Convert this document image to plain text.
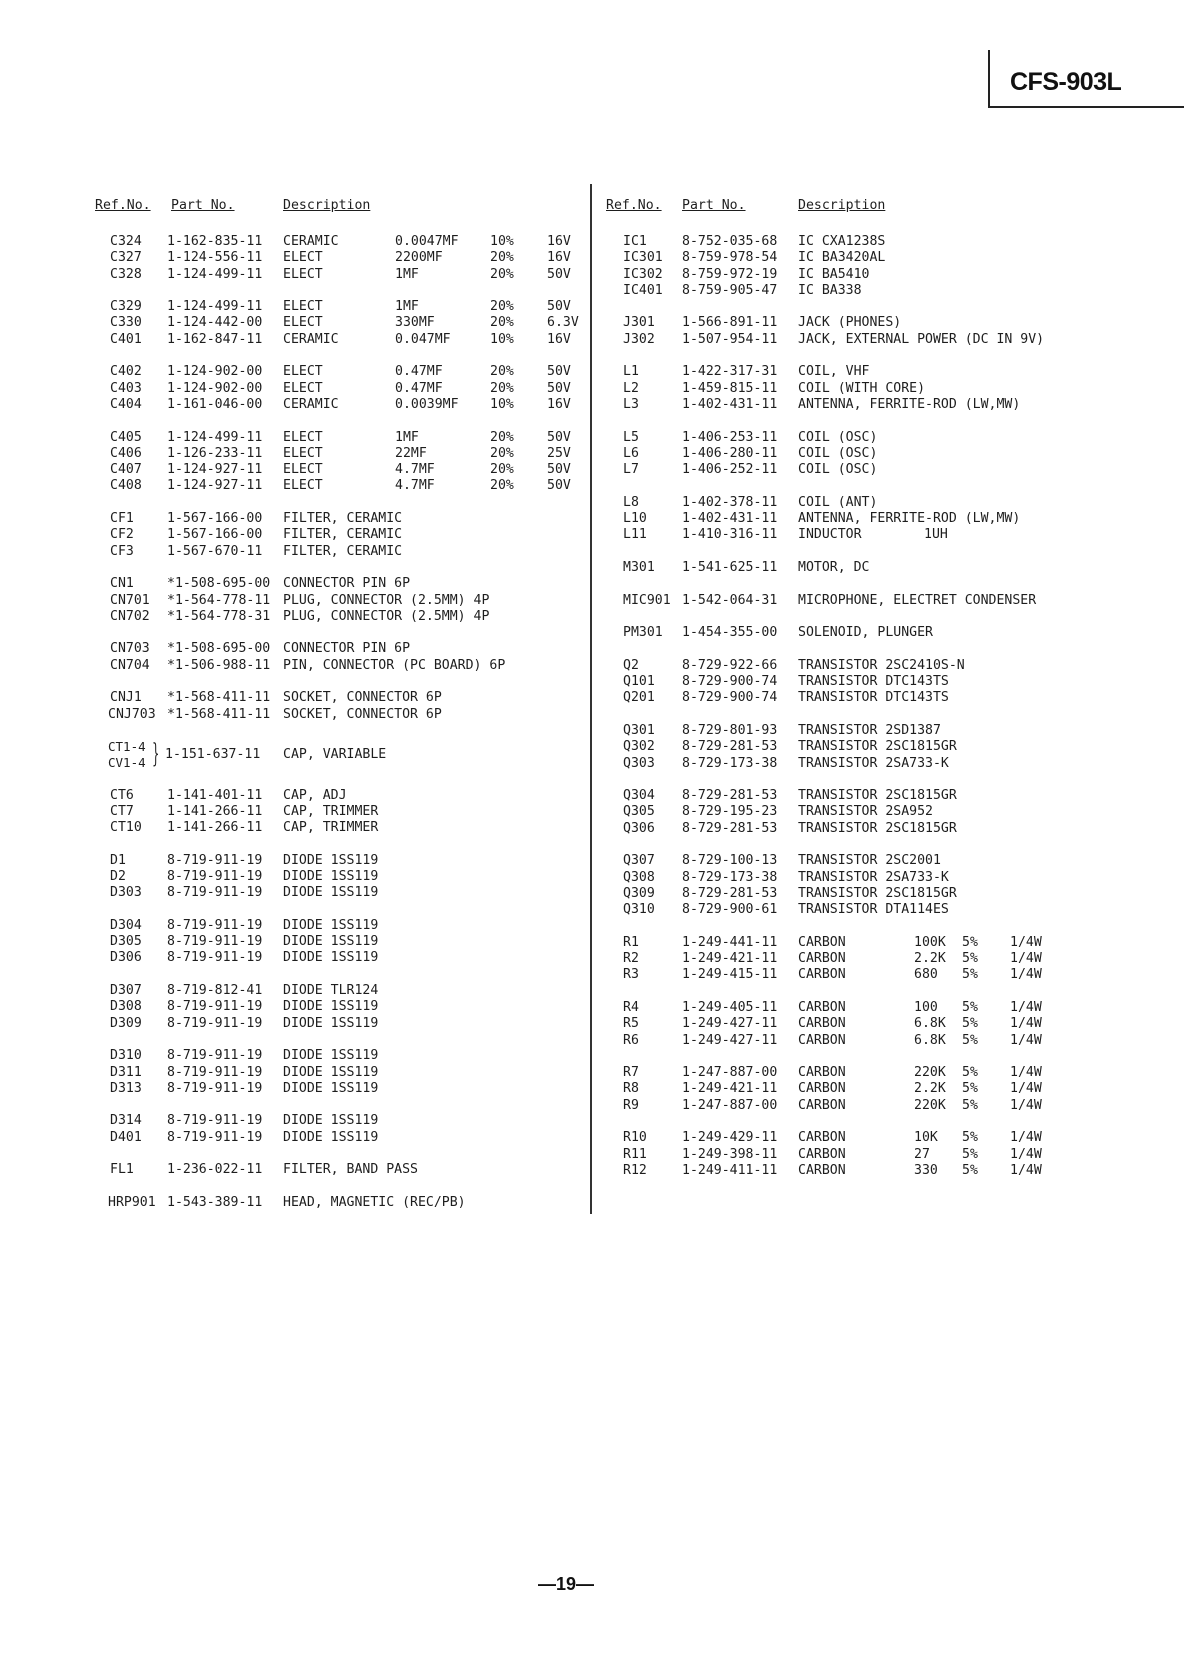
CFS-903L
Ref.No. Part No.	Description
C324 1-162-835-11 CERAMIC	0.0047MF 10%	16V
C327 1-124-556-11 ELECT	2200MF	20%	16V
C328 1-124-499-11 ELECT	1MF	20%	50V
C329 1-124-499-11 ELECT	1MF	20%	50V
C330 1-124-442-00 ELECT	330MF	20%	6.3V
C401 1-162-847-11 CERAMIC	0.047MF	10%	16V
C402 1-124-902-00 ELECT	0.47MF	20%	50V
C403 1-124-902-00 ELECT	0.47MF	20%	50V
C404 1-161-046-00 CERAMIC	0.0039MF 10%	16V
C405 1-124-499-11 ELECT	1MF	20%	50V
C406 1-126-233-11 ELECT	22MF	20%	25V
C407 1-124-927-11 ELECT	4.7MF	20%	50V
C408 1-124-927-11 ELECT	4.7MF	20%	50V
CF1	1-567-166-00 FILTER, CERAMIC
CF2	1-567-166-00 FILTER, CERAMIC
CF3	1-567-670-11 FILTER, CERAMIC
CN1	*1-508-695-00 CONNECTOR PIN 6P
CN701 *1-564-778-11 PLUG, CONNECTOR (2.5MM) 4P
CN702 *1-564-778-31 PLUG, CONNECTOR (2.5MM) 4P
CN703 *1-508-695-00 CONNECTOR PIN 6P
CN704 *1-506-988-11 PIN, CONNECTOR (PC BOARD) 6P
CNJ1 *1-568-411-11 SOCKET, CONNECTOR 6P
CNJ703 *1-568-411-11 SOCKET, CONNECTOR 6P
CT1-4
CV1-4 } 1-151-637-11 CAP, VARIABLE
CT6	1-141-401-11 CAP, ADJ
CT7	1-141-266-11 CAP, TRIMMER
CT10 1-141-266-11 CAP, TRIMMER
D1	8-719-911-19 DIODE 1SS119
D2	8-719-911-19 DIODE 1SS119
D303 8-719-911-19 DIODE 1SS119
D304 8-719-911-19 DIODE 1SS119
D305 8-719-911-19 DIODE 1SS119
D306 8-719-911-19 DIODE 1SS119
D307 8-719-812-41 DIODE TLR124
D308 8-719-911-19 DIODE 1SS119
D309 8-719-911-19 DIODE 1SS119
D310 8-719-911-19 DIODE 1SS119
D311 8-719-911-19 DIODE 1SS119
D313 8-719-911-19 DIODE 1SS119
D314 8-719-911-19 DIODE 1SS119
D401 8-719-911-19 DIODE 1SS119
FL1	1-236-022-11 FILTER, BAND PASS
HRP901 1-543-389-11 HEAD, MAGNETIC (REC/PB)
Ref.No. Part No.	Description
IC1	8-752-035-68 IC CXA1238S
IC301 8-759-978-54 IC BA3420AL
IC302 8-759-972-19 IC BA5410
IC401 8-759-905-47 IC BA338
J301 1-566-891-11 JACK (PHONES)
J302 1-507-954-11 JACK, EXTERNAL POWER (DC IN 9V)
L1	1-422-317-31 COIL, VHF
L2	1-459-815-11 COIL (WITH CORE)
L3	1-402-431-11 ANTENNA, FERRITE-ROD (LW,MW)
L5	1-406-253-11 COIL (OSC)
L6	1-406-280-11 COIL (OSC)
L7	1-406-252-11 COIL (OSC)
L8	1-402-378-11 COIL (ANT)
L10	1-402-431-11 ANTENNA, FERRITE-ROD (LW,MW)
L11	1-410-316-11 INDUCTOR	1UH
M301 1-541-625-11 MOTOR, DC
MIC901 1-542-064-31 MICROPHONE, ELECTRET CONDENSER
PM301 1-454-355-00 SOLENOID, PLUNGER
Q2	8-729-922-66 TRANSISTOR 2SC2410S-N
Q101 8-729-900-74 TRANSISTOR DTC143TS
Q201 8-729-900-74 TRANSISTOR DTC143TS
Q301 8-729-801-93 TRANSISTOR 2SD1387
Q302 8-729-281-53 TRANSISTOR 2SC1815GR
Q303 8-729-173-38 TRANSISTOR 2SA733-K
Q304 8-729-281-53 TRANSISTOR 2SC1815GR
Q305 8-729-195-23 TRANSISTOR 2SA952
Q306 8-729-281-53 TRANSISTOR 2SC1815GR
Q307 8-729-100-13 TRANSISTOR 2SC2001
Q308 8-729-173-38 TRANSISTOR 2SA733-K
Q309 8-729-281-53 TRANSISTOR 2SC1815GR
Q310 8-729-900-61 TRANSISTOR DTA114ES
R1	1-249-441-11 CARBON	100K 5% 1/4W
R2	1-249-421-11 CARBON	2.2K 5% 1/4W
R3	1-249-415-11 CARBON	680 5% 1/4W
R4	1-249-405-11 CARBON	100 5% 1/4W
R5	1-249-427-11 CARBON	6.8K 5% 1/4W
R6	1-249-427-11 CARBON	6.8K 5% 1/4W
R7	1-247-887-00 CARBON	220K 5% 1/4W
R8	1-249-421-11 CARBON	2.2K 5% 1/4W
R9	1-247-887-00 CARBON	220K 5% 1/4W
R10	1-249-429-11 CARBON	10K 5% 1/4W
R11	1-249-398-11 CARBON	27 5% 1/4W
R12	1-249-411-11 CARBON	330 5% 1/4W
—19—
